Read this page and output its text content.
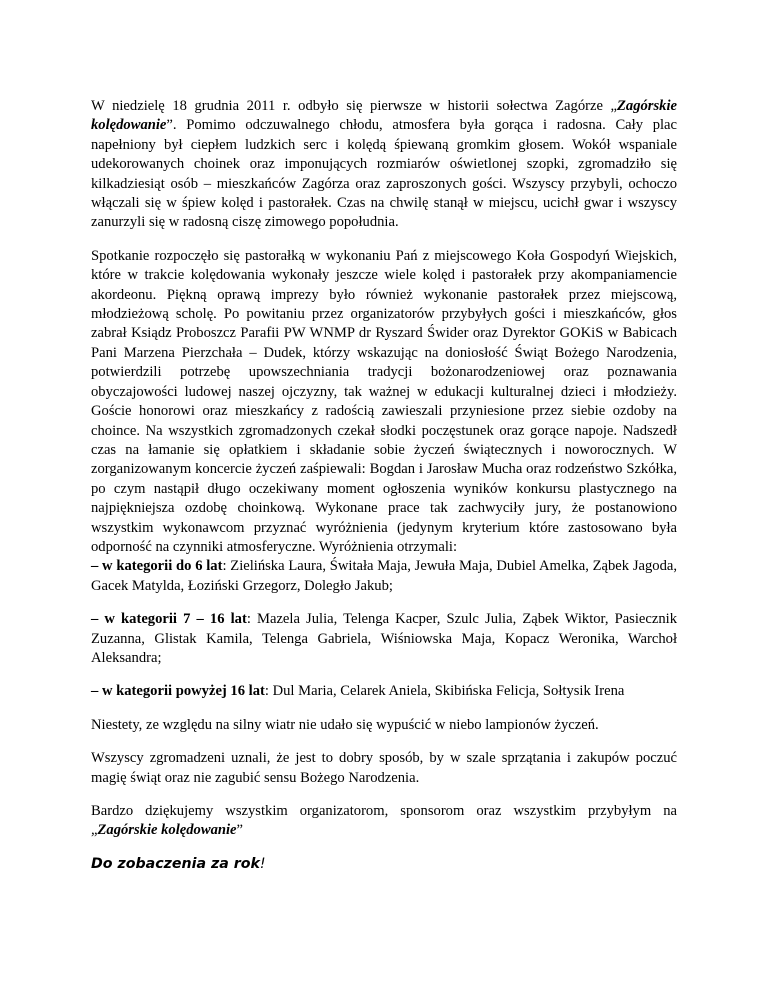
W niedzielę 18 grudnia 2011 r. odbyło się pierwsze w historii sołectwa Zagórze „Zagórskie kolędowanie”. Pomimo odczuwalnego chłodu, atmosfera była gorąca i radosna. Cały plac napełniony był ciepłem ludzkich serc i kolędą śpiewaną gromkim głosem. Wokół wspaniale udekorowanych choinek oraz imponujących rozmiarów oświetlonej szopki, zgromadziło się kilkadziesiąt osób – mieszkańców Zagórza oraz zaproszonych gości. Wszyscy przybyli, ochoczo włączali się w śpiew kolęd i pastorałek. Czas na chwilę stanął w miejscu, ucichł gwar i wszyscy zanurzyli się w radosną ciszę zimowego popołudnia.

Spotkanie rozpoczęło się pastorałką w wykonaniu Pań z miejscowego Koła Gospodyń Wiejskich, które w trakcie kolędowania wykonały jeszcze wiele kolęd i pastorałek przy akompaniamencie akordeonu. Piękną oprawą imprezy było również wykonanie pastorałek przez miejscową, młodzieżową scholę. Po powitaniu przez organizatorów przybyłych gości i mieszkańców, głos zabrał Ksiądz Proboszcz Parafii PW WNMP dr Ryszard Świder oraz Dyrektor GOKiS w Babicach Pani Marzena Pierzchała – Dudek, którzy wskazując na doniosłość Świąt Bożego Narodzenia, potwierdzili potrzebę upowszechniania tradycji bożonarodzeniowej oraz poznawania obyczajowości ludowej naszej ojczyzny, tak ważnej w edukacji kulturalnej dzieci i młodzieży. Goście honorowi oraz mieszkańcy z radością zawieszali przyniesione przez siebie ozdoby na choince. Na wszystkich zgromadzonych czekał słodki poczęstunek oraz gorące napoje. Nadszedł czas na łamanie się opłatkiem i składanie sobie życzeń świątecznych i noworocznych. W zorganizowanym koncercie życzeń zaśpiewali: Bogdan i Jarosław Mucha oraz rodzeństwo Szkółka, po czym nastąpił długo oczekiwany moment ogłoszenia wyników konkursu plastycznego na najpiękniejsza ozdobę choinkową. Wykonane prace tak zachwyciły jury, że postanowiono wszystkim wykonawcom przyznać wyróżnienia (jedynym kryterium które zastosowano była odporność na czynniki atmosferyczne. Wyróżnienia otrzymali:

– w kategorii do 6 lat: Zielińska Laura, Świtała Maja, Jewuła Maja, Dubiel Amelka, Ząbek Jagoda, Gacek Matylda, Łoziński Grzegorz, Doległo Jakub;

– w kategorii 7 – 16 lat: Mazela Julia, Telenga Kacper, Szulc Julia, Ząbek Wiktor, Pasiecznik Zuzanna, Glistak Kamila, Telenga Gabriela, Wiśniowska Maja, Kopacz Weronika, Warchoł Aleksandra;

– w kategorii powyżej 16 lat: Dul Maria, Celarek Aniela, Skibińska Felicja, Sołtysik Irena

Niestety, ze względu na silny wiatr nie udało się wypuścić w niebo lampionów życzeń.

Wszyscy zgromadzeni uznali, że jest to dobry sposób, by w szale sprzątania i zakupów poczuć magię świąt oraz nie zagubić sensu Bożego Narodzenia.

Bardzo dziękujemy wszystkim organizatorom, sponsorom oraz wszystkim przybyłym na „Zagórskie kolędowanie”

Do zobaczenia za rok!
